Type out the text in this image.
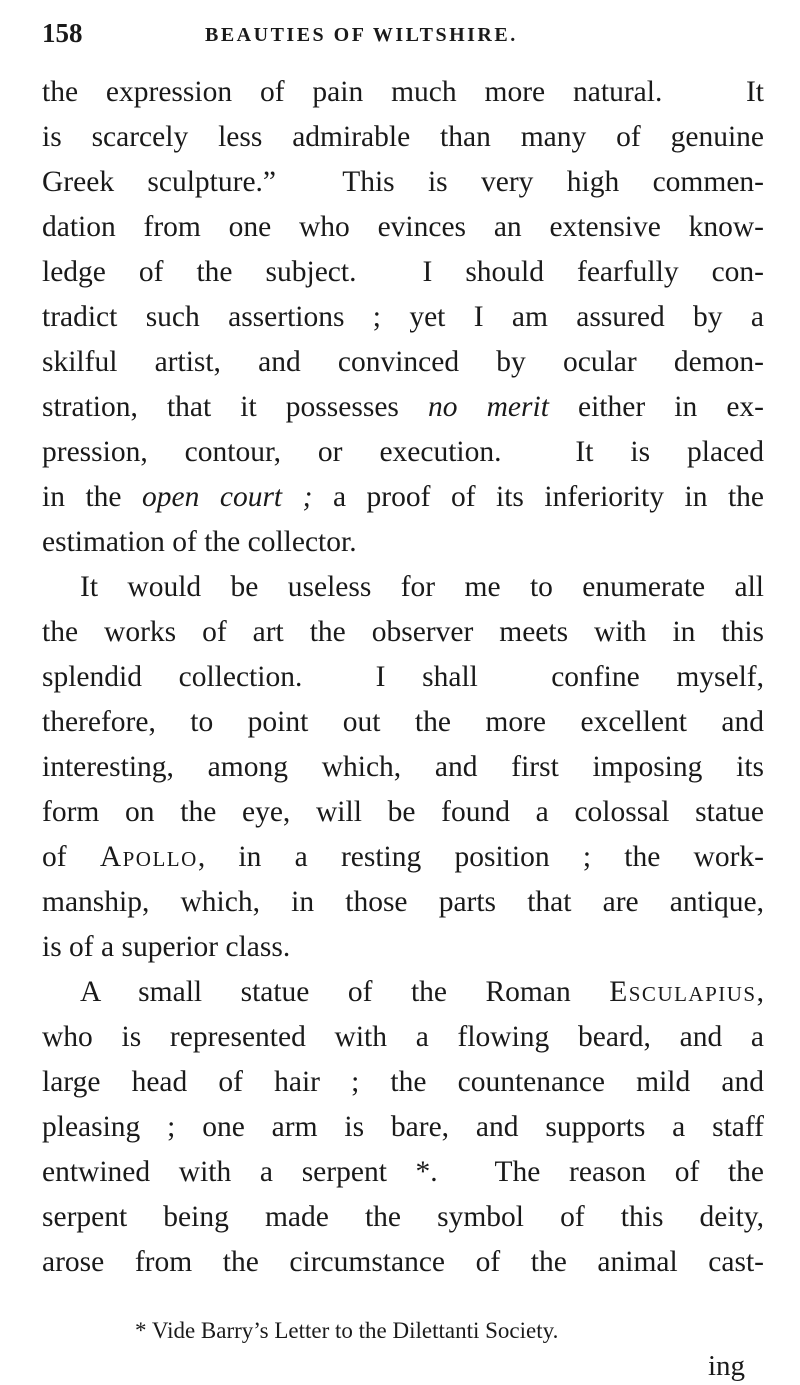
158	BEAUTIES OF WILTSHIRE.
the expression of pain much more natural.   It
is scarcely less admirable than many of genuine
Greek sculpture.”  This is very high commen-
dation from one who evinces an extensive know-
ledge of the subject.  I should fearfully con-
tradict such assertions ; yet I am assured by a
skilful artist, and convinced by ocular demon-
stration, that it possesses no merit either in ex-
pression, contour, or execution.  It is placed
in the open court ; a proof of its inferiority in the
estimation of the collector.
It would be useless for me to enumerate all
the works of art the observer meets with in this
splendid collection.  I shall  confine myself,
therefore, to point out the more excellent and
interesting, among which, and first imposing its
form on the eye, will be found a colossal statue
of Apollo, in a resting position ; the work-
manship, which, in those parts that are antique,
is of a superior class.
A small statue of the Roman Esculapius,
who is represented with a flowing beard, and a
large head of hair ; the countenance mild and
pleasing ; one arm is bare, and supports a staff
entwined with a serpent *.  The reason of the
serpent being made the symbol of this deity,
arose from the circumstance of the animal cast-
* Vide Barry’s Letter to the Dilettanti Society.
ing
